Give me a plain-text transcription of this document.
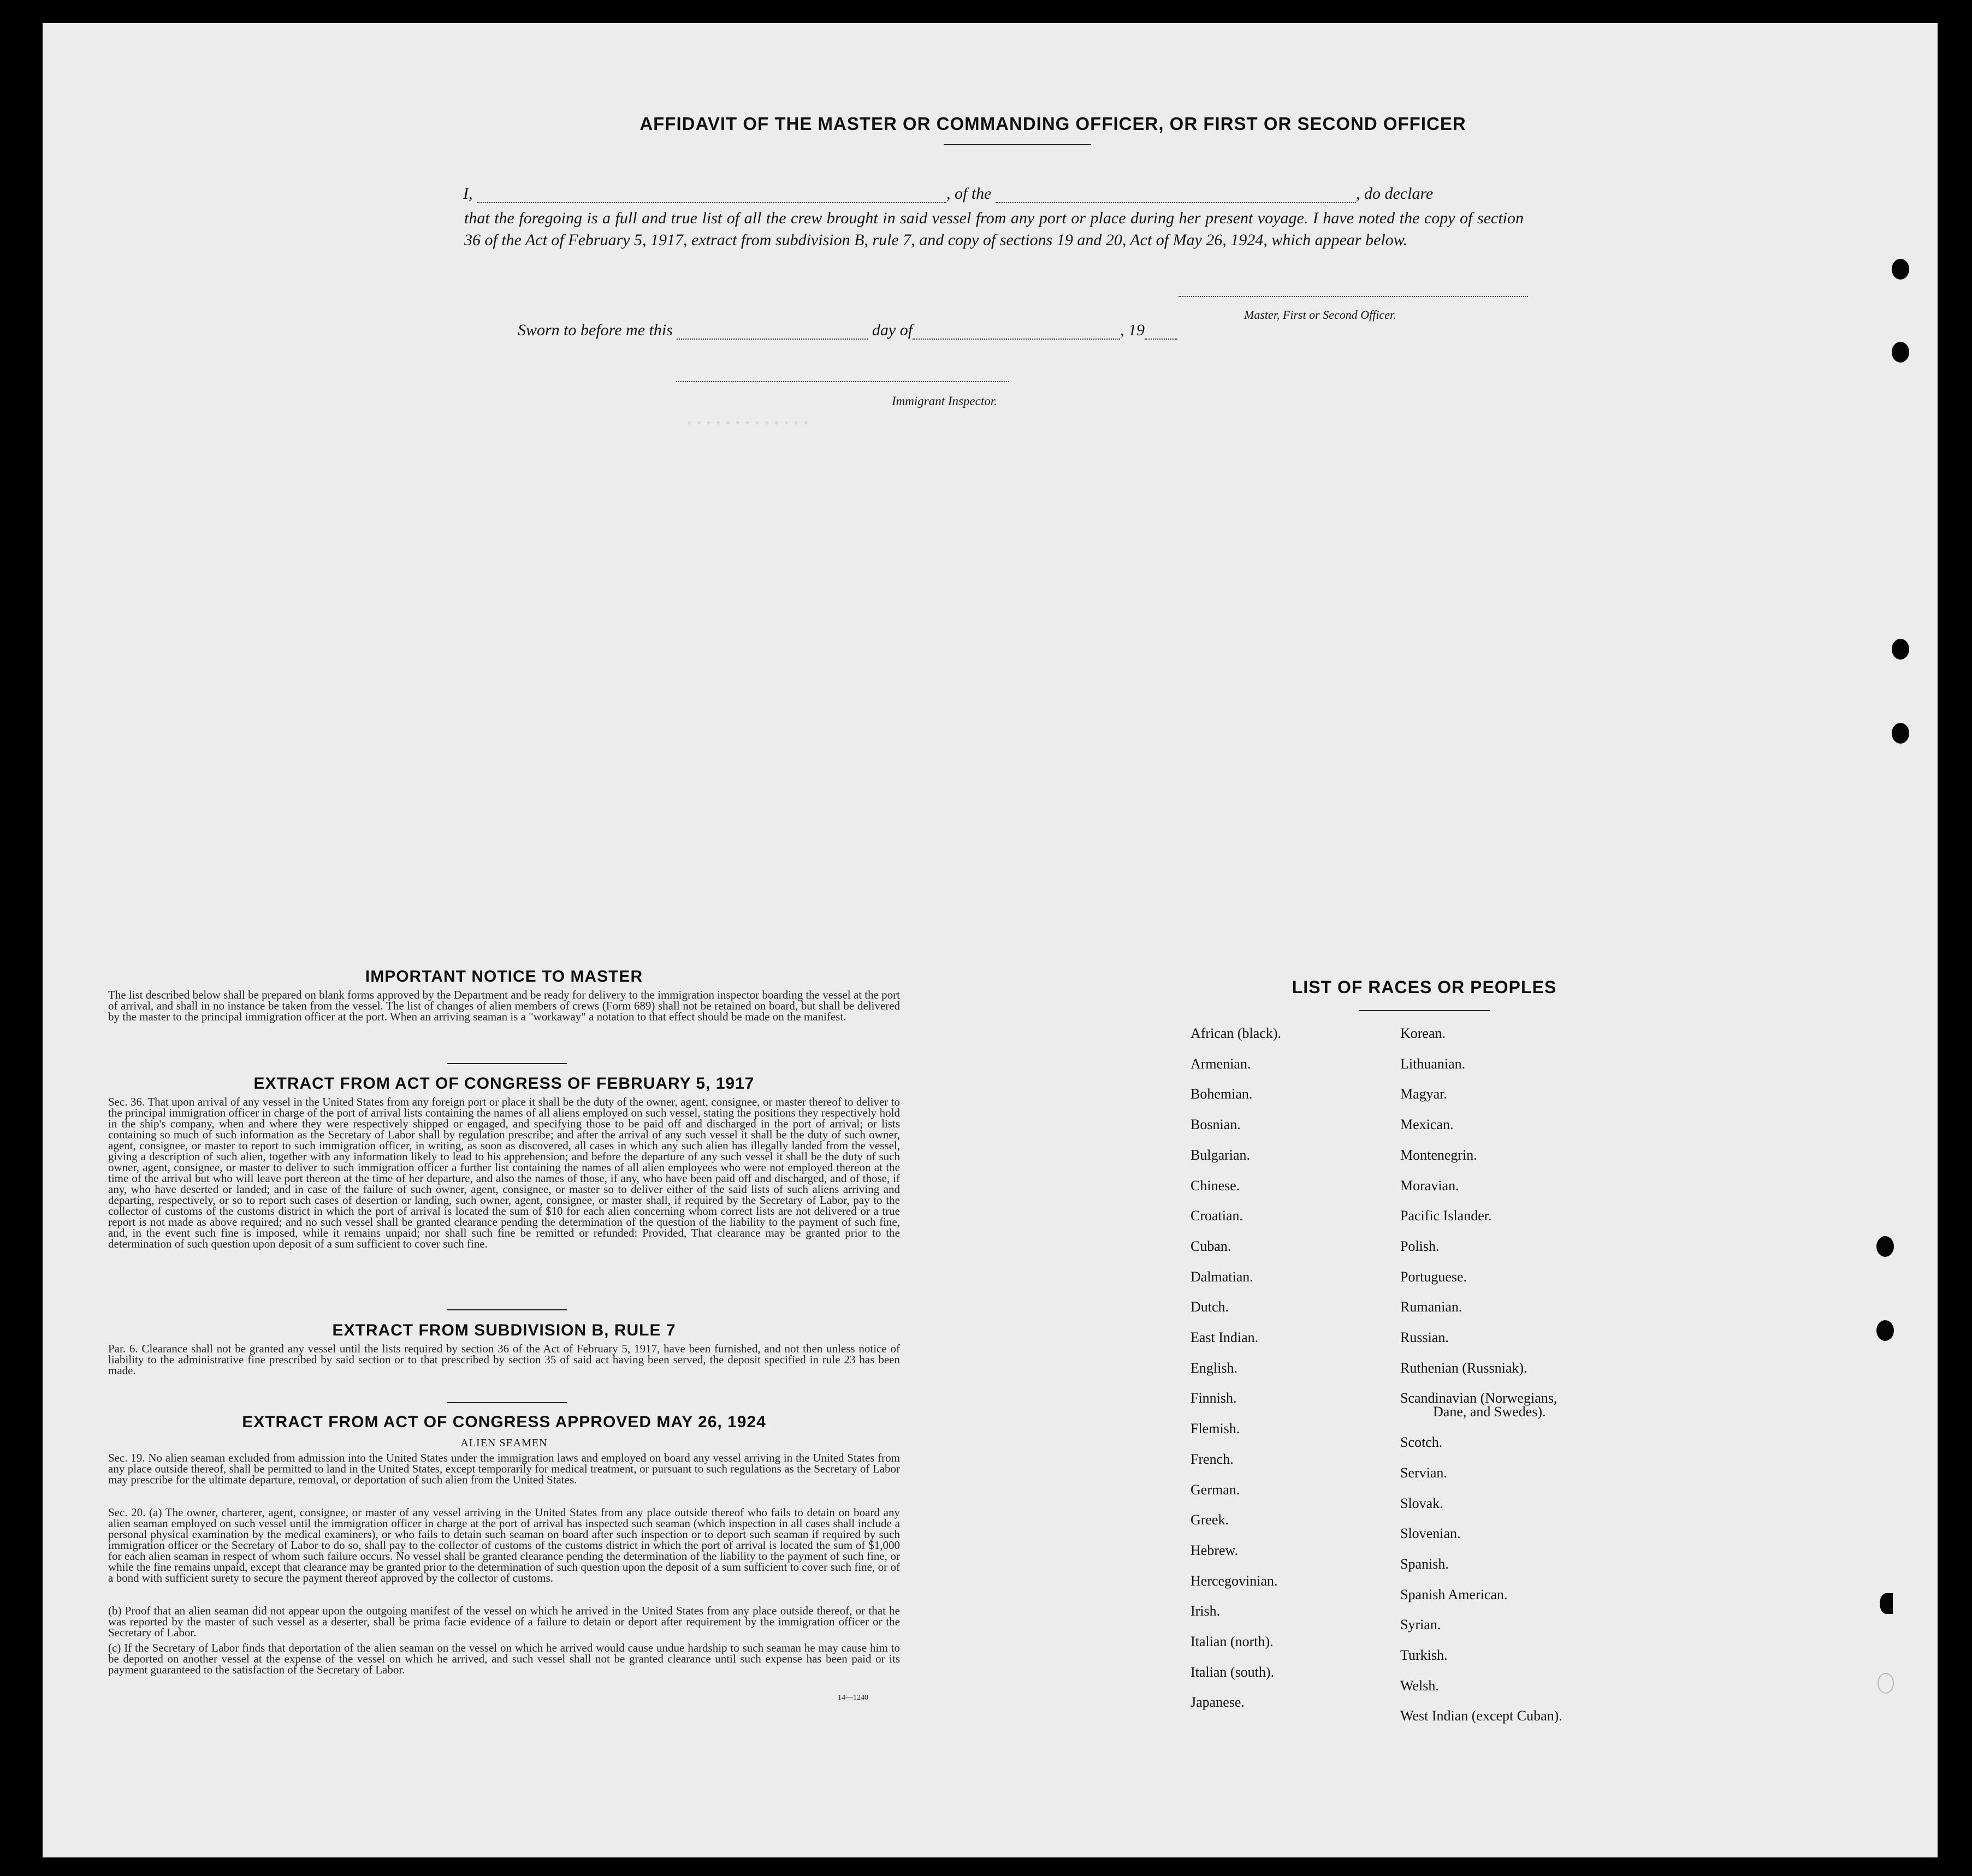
• • • • • • • • • • • • •
AFFIDAVIT OF THE MASTER OR COMMANDING OFFICER, OR FIRST OR SECOND OFFICER
I,	, of the	, do declare
that the foregoing is a full and true list of all the crew brought in said vessel from any port or place during her present voyage. I have noted the copy of section 36 of the Act of February 5, 1917, extract from subdivision B, rule 7, and copy of sections 19 and 20, Act of May 26, 1924, which appear below.
Master, First or Second Officer.
Sworn to before me this	day of	, 19
Immigrant Inspector.
IMPORTANT NOTICE TO MASTER
The list described below shall be prepared on blank forms approved by the Department and be ready for delivery to the immigration inspector boarding the vessel at the port of arrival, and shall in no instance be taken from the vessel. The list of changes of alien members of crews (Form 689) shall not be retained on board, but shall be delivered by the master to the principal immigration officer at the port. When an arriving seaman is a "workaway" a notation to that effect should be made on the manifest.
EXTRACT FROM ACT OF CONGRESS OF FEBRUARY 5, 1917
Sec. 36. That upon arrival of any vessel in the United States from any foreign port or place it shall be the duty of the owner, agent, consignee, or master thereof to deliver to the principal immigration officer in charge of the port of arrival lists containing the names of all aliens employed on such vessel, stating the positions they respectively hold in the ship's company, when and where they were respectively shipped or engaged, and specifying those to be paid off and discharged in the port of arrival; or lists containing so much of such information as the Secretary of Labor shall by regulation prescribe; and after the arrival of any such vessel it shall be the duty of such owner, agent, consignee, or master to report to such immigration officer, in writing, as soon as discovered, all cases in which any such alien has illegally landed from the vessel, giving a description of such alien, together with any information likely to lead to his apprehension; and before the departure of any such vessel it shall be the duty of such owner, agent, consignee, or master to deliver to such immigration officer a further list containing the names of all alien employees who were not employed thereon at the time of the arrival but who will leave port thereon at the time of her departure, and also the names of those, if any, who have been paid off and discharged, and of those, if any, who have deserted or landed; and in case of the failure of such owner, agent, consignee, or master so to deliver either of the said lists of such aliens arriving and departing, respectively, or so to report such cases of desertion or landing, such owner, agent, consignee, or master shall, if required by the Secretary of Labor, pay to the collector of customs of the customs district in which the port of arrival is located the sum of $10 for each alien concerning whom correct lists are not delivered or a true report is not made as above required; and no such vessel shall be granted clearance pending the determination of the question of the liability to the payment of such fine, and, in the event such fine is imposed, while it remains unpaid; nor shall such fine be remitted or refunded: Provided, That clearance may be granted prior to the determination of such question upon deposit of a sum sufficient to cover such fine.
EXTRACT FROM SUBDIVISION B, RULE 7
Par. 6. Clearance shall not be granted any vessel until the lists required by section 36 of the Act of February 5, 1917, have been furnished, and not then unless notice of liability to the administrative fine prescribed by said section or to that prescribed by section 35 of said act having been served, the deposit specified in rule 23 has been made.
EXTRACT FROM ACT OF CONGRESS APPROVED MAY 26, 1924
ALIEN SEAMEN
Sec. 19. No alien seaman excluded from admission into the United States under the immigration laws and employed on board any vessel arriving in the United States from any place outside thereof, shall be permitted to land in the United States, except temporarily for medical treatment, or pursuant to such regulations as the Secretary of Labor may prescribe for the ultimate departure, removal, or deportation of such alien from the United States.
Sec. 20. (a) The owner, charterer, agent, consignee, or master of any vessel arriving in the United States from any place outside thereof who fails to detain on board any alien seaman employed on such vessel until the immigration officer in charge at the port of arrival has inspected such seaman (which inspection in all cases shall include a personal physical examination by the medical examiners), or who fails to detain such seaman on board after such inspection or to deport such seaman if required by such immigration officer or the Secretary of Labor to do so, shall pay to the collector of customs of the customs district in which the port of arrival is located the sum of $1,000 for each alien seaman in respect of whom such failure occurs. No vessel shall be granted clearance pending the determination of the liability to the payment of such fine, or while the fine remains unpaid, except that clearance may be granted prior to the determination of such question upon the deposit of a sum sufficient to cover such fine, or of a bond with sufficient surety to secure the payment thereof approved by the collector of customs.
(b) Proof that an alien seaman did not appear upon the outgoing manifest of the vessel on which he arrived in the United States from any place outside thereof, or that he was reported by the master of such vessel as a deserter, shall be prima facie evidence of a failure to detain or deport after requirement by the immigration officer or the Secretary of Labor.
(c) If the Secretary of Labor finds that deportation of the alien seaman on the vessel on which he arrived would cause undue hardship to such seaman he may cause him to be deported on another vessel at the expense of the vessel on which he arrived, and such vessel shall not be granted clearance until such expense has been paid or its payment guaranteed to the satisfaction of the Secretary of Labor.
14—1240
LIST OF RACES OR PEOPLES
African (black).
Armenian.
Bohemian.
Bosnian.
Bulgarian.
Chinese.
Croatian.
Cuban.
Dalmatian.
Dutch.
East Indian.
English.
Finnish.
Flemish.
French.
German.
Greek.
Hebrew.
Hercegovinian.
Irish.
Italian (north).
Italian (south).
Japanese.
Korean.
Lithuanian.
Magyar.
Mexican.
Montenegrin.
Moravian.
Pacific Islander.
Polish.
Portuguese.
Rumanian.
Russian.
Ruthenian (Russniak).
Scandinavian (Norwegians,
Dane, and Swedes).
Scotch.
Servian.
Slovak.
Slovenian.
Spanish.
Spanish American.
Syrian.
Turkish.
Welsh.
West Indian (except Cuban).
